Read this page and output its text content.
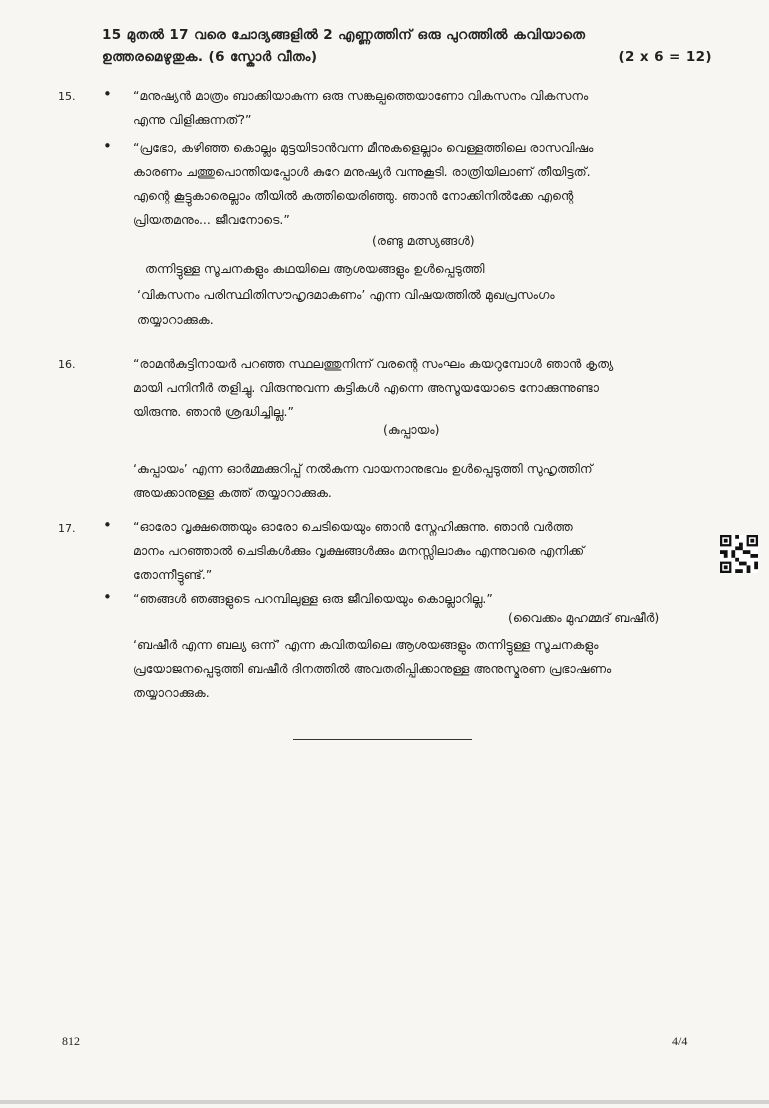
15 മുതൽ 17 വരെ ചോദ്യങ്ങളിൽ 2 എണ്ണത്തിന് ഒരു പുറത്തിൽ കവിയാതെ
ഉത്തരമെഴുതുക. (6 സ്കോർ വീതം)	(2 x 6 = 12)
15. • “മനുഷ്യൻ മാത്രം ബാക്കിയാകുന്ന ഒരു സങ്കല്പത്തെയാണോ വികസനം വികസനം
എന്നു വിളിക്കുന്നത്?”
• “പ്രഭോ, കഴിഞ്ഞ കൊല്ലം മുട്ടയിടാൻവന്ന മീനുകളെല്ലാം വെള്ളത്തിലെ രാസവിഷം
കാരണം ചത്തുപൊന്തിയപ്പോൾ കുറേ മനുഷ്യർ വന്നുകൂടി. രാത്രിയിലാണ് തീയിട്ടത്.
എന്റെ കൂട്ടുകാരെല്ലാം തീയിൽ കത്തിയെരിഞ്ഞു. ഞാൻ നോക്കിനിൽക്കേ എന്റെ
പ്രിയതമനും... ജീവനോടെ.”
(രണ്ടു മത്സ്യങ്ങൾ)
തന്നിട്ടുള്ള സൂചനകളും കഥയിലെ ആശയങ്ങളും ഉൾപ്പെടുത്തി
‘വികസനം പരിസ്ഥിതിസൗഹൃദമാകണം’ എന്ന വിഷയത്തിൽ മുഖപ്രസംഗം
തയ്യാറാക്കുക.
16.	“രാമൻകുട്ടിനായർ പറഞ്ഞ സ്ഥലത്തുനിന്ന് വരന്റെ സംഘം കയറുമ്പോൾ ഞാൻ കൃത്യ
മായി പനിനീർ തളിച്ചു. വിരുന്നുവന്ന കുട്ടികൾ എന്നെ അസൂയയോടെ നോക്കുന്നുണ്ടാ
യിരുന്നു. ഞാൻ ശ്രദ്ധിച്ചില്ല.”
(കുപ്പായം)
‘കുപ്പായം’ എന്ന ഓർമ്മക്കുറിപ്പ് നൽകുന്ന വായനാനുഭവം ഉൾപ്പെടുത്തി സുഹൃത്തിന്
അയക്കാനുള്ള കത്ത് തയ്യാറാക്കുക.
17. • “ഓരോ വൃക്ഷത്തെയും ഓരോ ചെടിയെയും ഞാൻ സ്നേഹിക്കുന്നു. ഞാൻ വർത്ത
മാനം പറഞ്ഞാൽ ചെടികൾക്കും വൃക്ഷങ്ങൾക്കും മനസ്സിലാകും എന്നുവരെ എനിക്ക്
തോന്നീട്ടുണ്ട്.”
• “ഞങ്ങൾ ഞങ്ങളുടെ പറമ്പിലുള്ള ഒരു ജീവിയെയും കൊല്ലാറില്ല.”
(വൈക്കം മുഹമ്മദ് ബഷീർ)
‘ബഷീർ എന്ന ബല്യ ഒന്ന്’ എന്ന കവിതയിലെ ആശയങ്ങളും തന്നിട്ടുള്ള സൂചനകളും
പ്രയോജനപ്പെടുത്തി ബഷീർ ദിനത്തിൽ അവതരിപ്പിക്കാനുള്ള അനുസ്മരണ പ്രഭാഷണം
തയ്യാറാക്കുക.
812	4/4
